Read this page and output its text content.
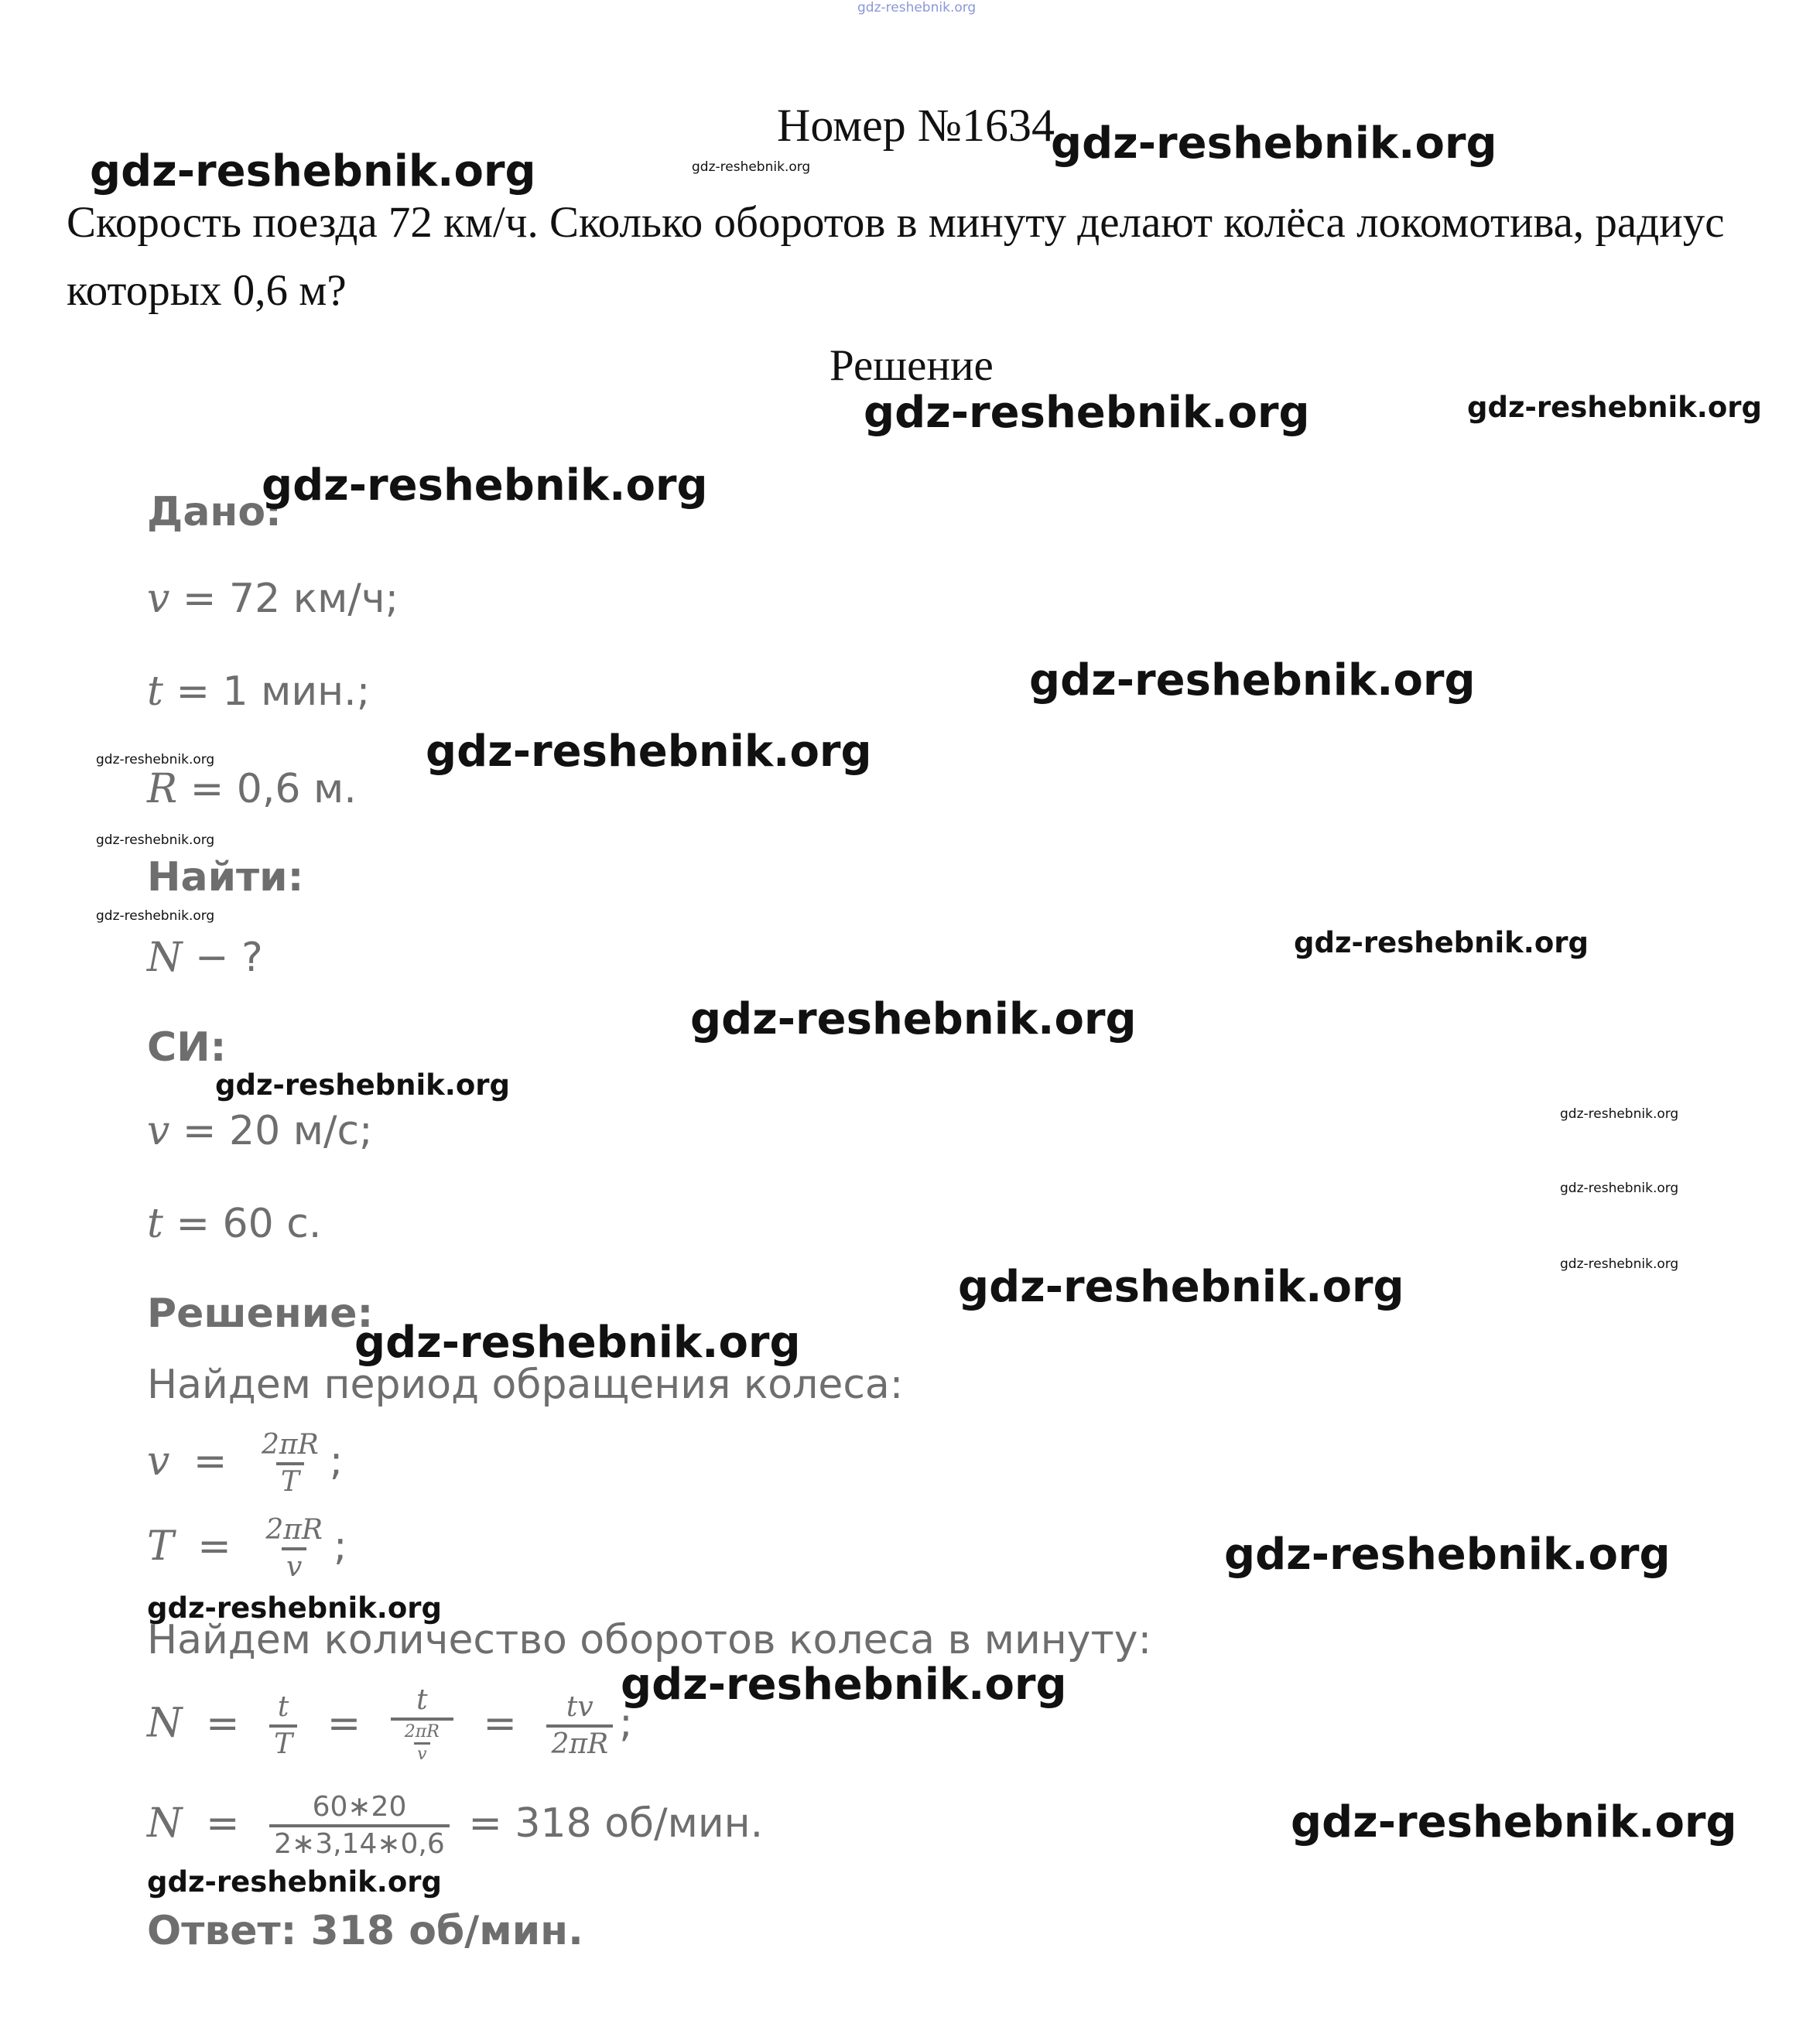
gdz-reshebnik.org
Номер №1634
Скорость поезда 72 км/ч. Сколько оборотов в минуту делают колёса локомотива, радиус которых 0,6 м?
Решение
Дано:
v = 72 км/ч;
t = 1 мин.;
R = 0,6 м.
Найти:
N − ?
СИ:
v = 20 м/с;
t = 60 с.
Решение:
Найдем период обращения колеса:
$v = \frac{2\pi R}{T}$ ;
$T = \frac{2\pi R}{v}$ ;
Найдем количество оборотов колеса в минуту:
$N = \frac{t}{T} = \frac{t}{\frac{2\pi R}{v}} = \frac{tv}{2\pi R}$ ;
$N = \frac{60∗20}{2∗3,14∗0,6} = 318$ об/мин.
Ответ: 318 об/мин.
gdz-reshebnik.org	gdz-reshebnik.org	gdz-reshebnik.org
gdz-reshebnik.org	gdz-reshebnik.org
gdz-reshebnik.org
gdz-reshebnik.org
gdz-reshebnik.org
gdz-reshebnik.org
gdz-reshebnik.org
gdz-reshebnik.org
gdz-reshebnik.org
gdz-reshebnik.org
gdz-reshebnik.org
gdz-reshebnik.org
gdz-reshebnik.org
gdz-reshebnik.org
gdz-reshebnik.org
gdz-reshebnik.org
gdz-reshebnik.org
gdz-reshebnik.org
gdz-reshebnik.org
gdz-reshebnik.org
gdz-reshebnik.org
